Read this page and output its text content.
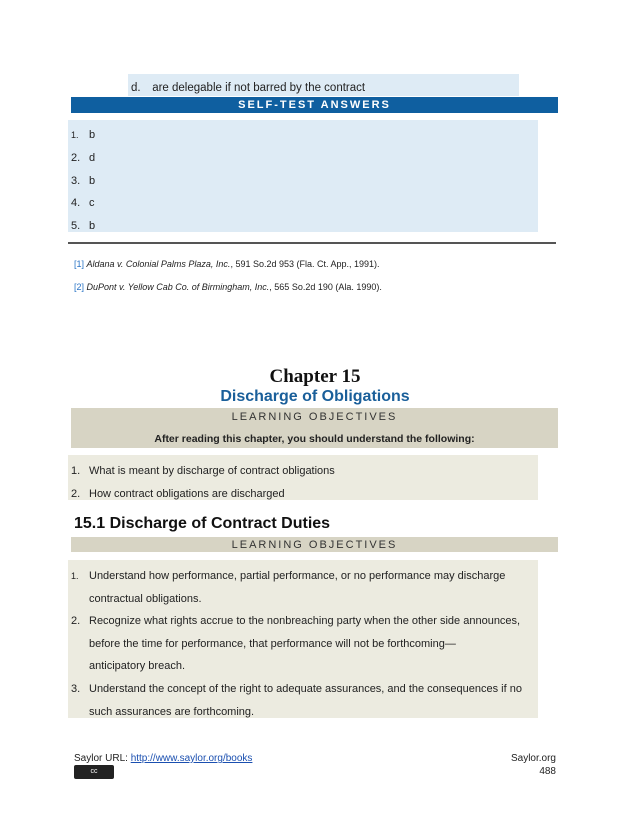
d. are delegable if not barred by the contract
SELF-TEST ANSWERS
1. b
2. d
3. b
4. c
5. b
[1] Aldana v. Colonial Palms Plaza, Inc., 591 So.2d 953 (Fla. Ct. App., 1991).
[2] DuPont v. Yellow Cab Co. of Birmingham, Inc., 565 So.2d 190 (Ala. 1990).
Chapter 15
Discharge of Obligations
LEARNING OBJECTIVES
After reading this chapter, you should understand the following:
1. What is meant by discharge of contract obligations
2. How contract obligations are discharged
15.1 Discharge of Contract Duties
LEARNING OBJECTIVES
1. Understand how performance, partial performance, or no performance may discharge
contractual obligations.
2. Recognize what rights accrue to the nonbreaching party when the other side announces,
before the time for performance, that performance will not be forthcoming—
anticipatory breach.
3. Understand the concept of the right to adequate assurances, and the consequences if no
such assurances are forthcoming.
Saylor URL: http://www.saylor.org/books
cc
Saylor.org
488
